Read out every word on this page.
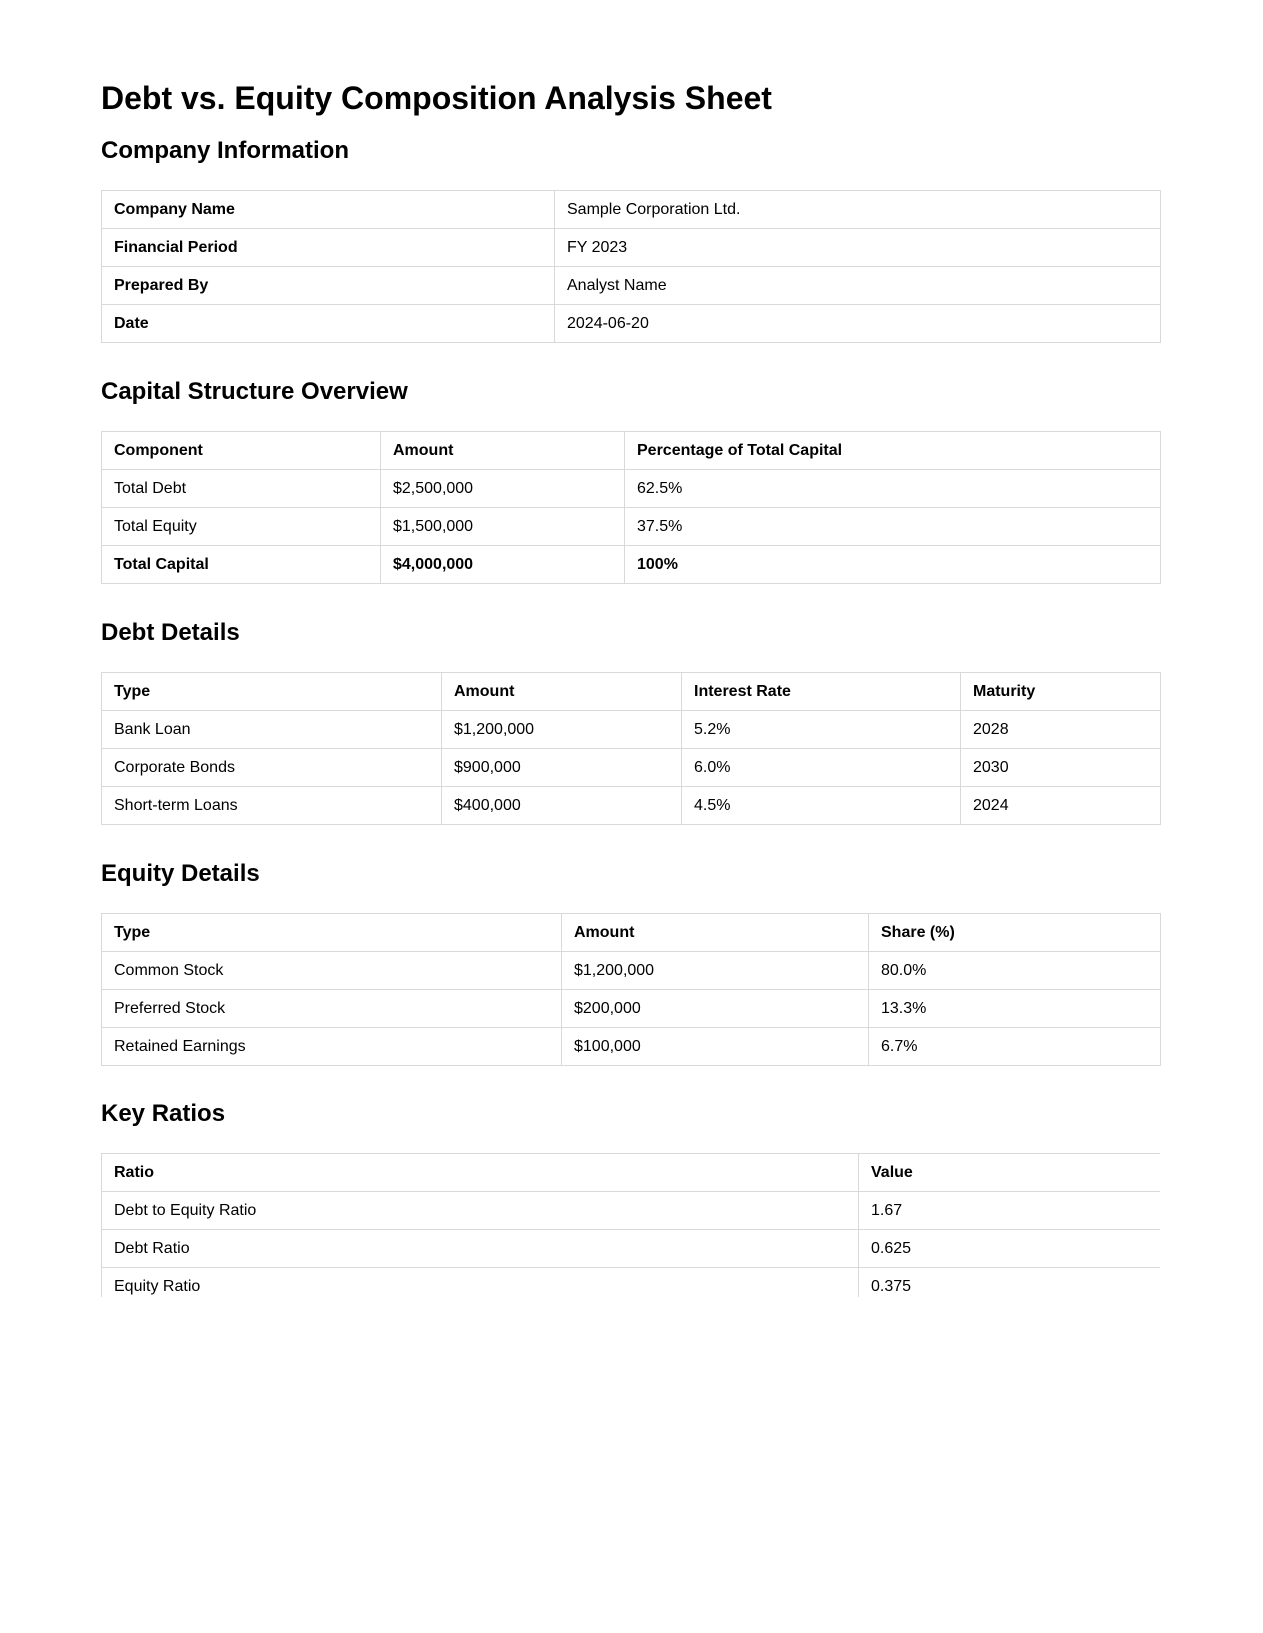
Debt vs. Equity Composition Analysis Sheet
Company Information
Company Name	Sample Corporation Ltd.
Financial Period	FY 2023
Prepared By	Analyst Name
Date	2024-06-20
Capital Structure Overview
Component	Amount	Percentage of Total Capital
Total Debt	$2,500,000	62.5%
Total Equity	$1,500,000	37.5%
Total Capital	$4,000,000	100%
Debt Details
Type	Amount	Interest Rate	Maturity
Bank Loan	$1,200,000	5.2%	2028
Corporate Bonds	$900,000	6.0%	2030
Short-term Loans	$400,000	4.5%	2024
Equity Details
Type	Amount	Share (%)
Common Stock	$1,200,000	80.0%
Preferred Stock	$200,000	13.3%
Retained Earnings	$100,000	6.7%
Key Ratios
Ratio	Value
Debt to Equity Ratio	1.67
Debt Ratio	0.625
Equity Ratio	0.375
